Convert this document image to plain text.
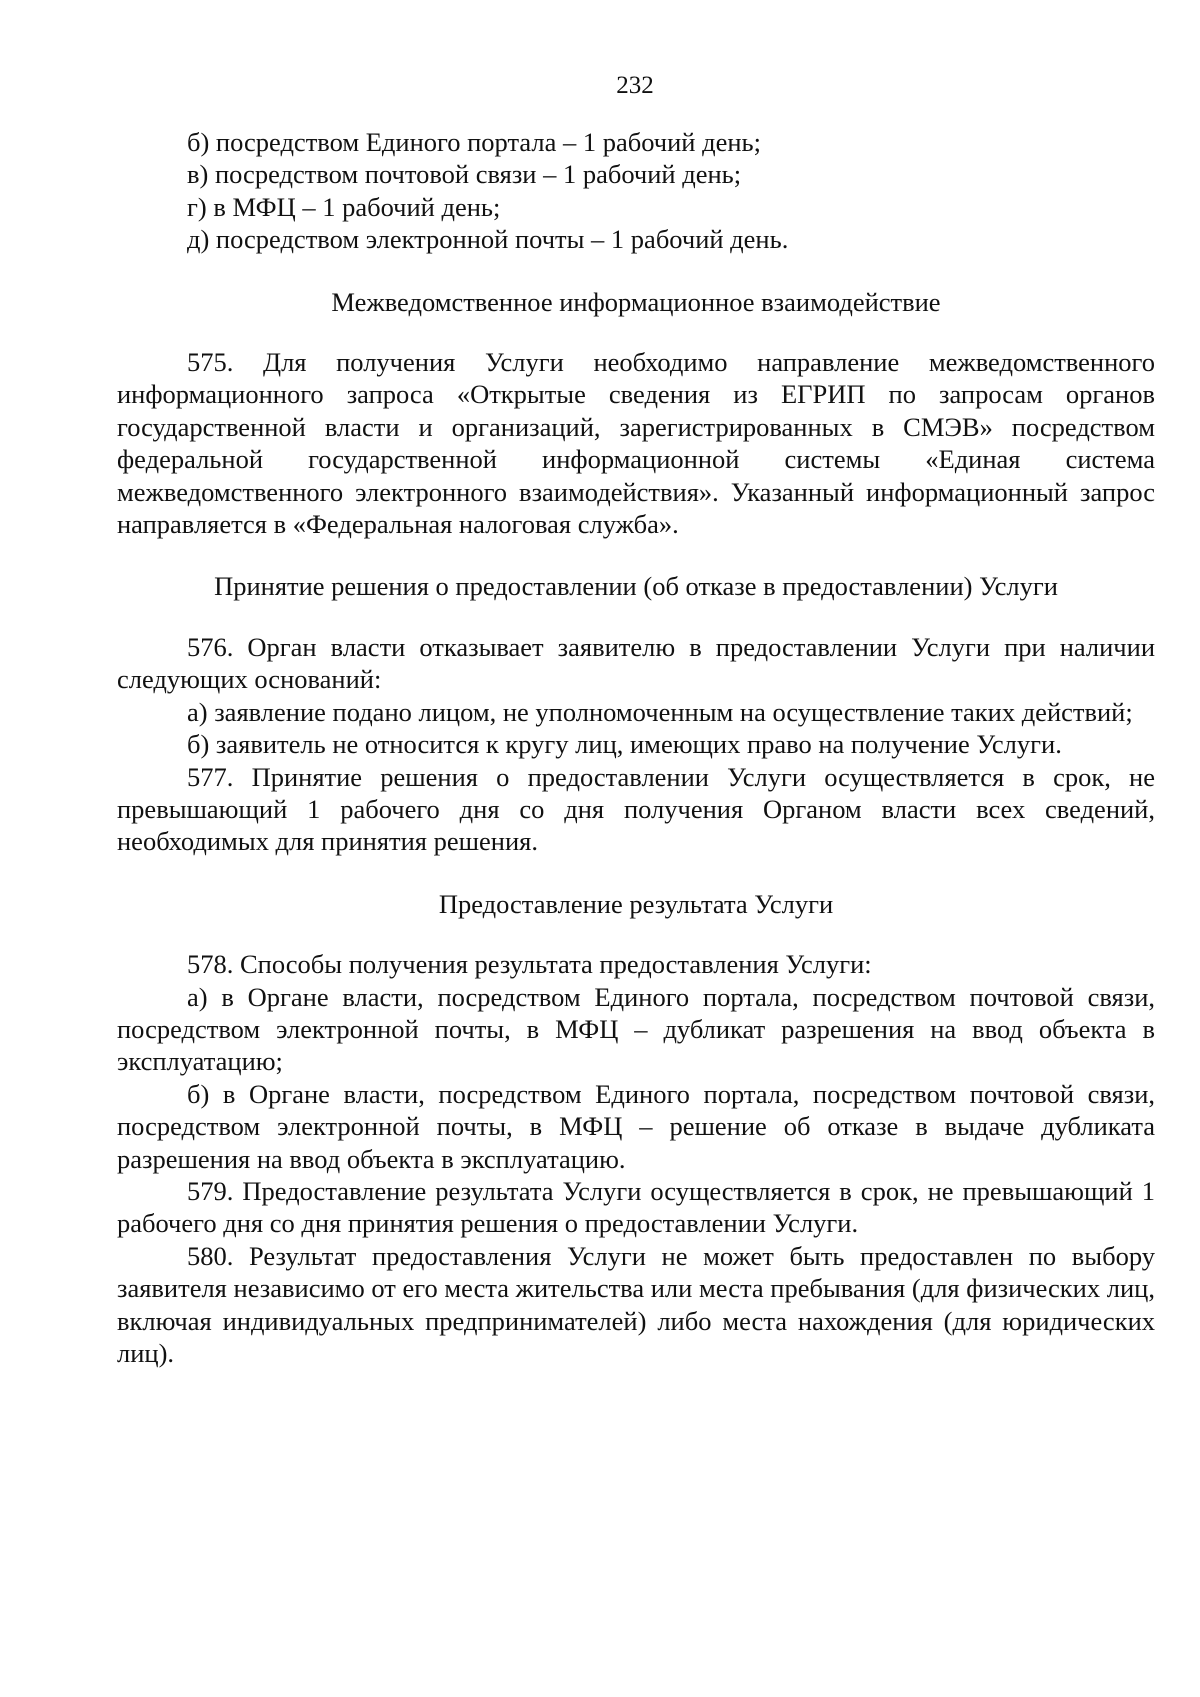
232

б) посредством Единого портала – 1 рабочий день;

в) посредством почтовой связи – 1 рабочий день;

г) в МФЦ – 1 рабочий день;

д) посредством электронной почты – 1 рабочий день.

Межведомственное информационное взаимодействие

575. Для получения Услуги необходимо направление межведомственного информационного запроса «Открытые сведения из ЕГРИП по запросам органов государственной власти и организаций, зарегистрированных в СМЭВ» посредством федеральной государственной информационной системы «Единая система межведомственного электронного взаимодействия». Указанный информационный запрос направляется в «Федеральная налоговая служба».

Принятие решения о предоставлении (об отказе в предоставлении) Услуги

576. Орган власти отказывает заявителю в предоставлении Услуги при наличии следующих оснований:

а) заявление подано лицом, не уполномоченным на осуществление таких действий;

б) заявитель не относится к кругу лиц, имеющих право на получение Услуги.

577. Принятие решения о предоставлении Услуги осуществляется в срок, не превышающий 1 рабочего дня со дня получения Органом власти всех сведений, необходимых для принятия решения.

Предоставление результата Услуги

578. Способы получения результата предоставления Услуги:

а) в Органе власти, посредством Единого портала, посредством почтовой связи, посредством электронной почты, в МФЦ – дубликат разрешения на ввод объекта в эксплуатацию;

б) в Органе власти, посредством Единого портала, посредством почтовой связи, посредством электронной почты, в МФЦ – решение об отказе в выдаче дубликата разрешения на ввод объекта в эксплуатацию.

579. Предоставление результата Услуги осуществляется в срок, не превышающий 1 рабочего дня со дня принятия решения о предоставлении Услуги.

580. Результат предоставления Услуги не может быть предоставлен по выбору заявителя независимо от его места жительства или места пребывания (для физических лиц, включая индивидуальных предпринимателей) либо места нахождения (для юридических лиц).
